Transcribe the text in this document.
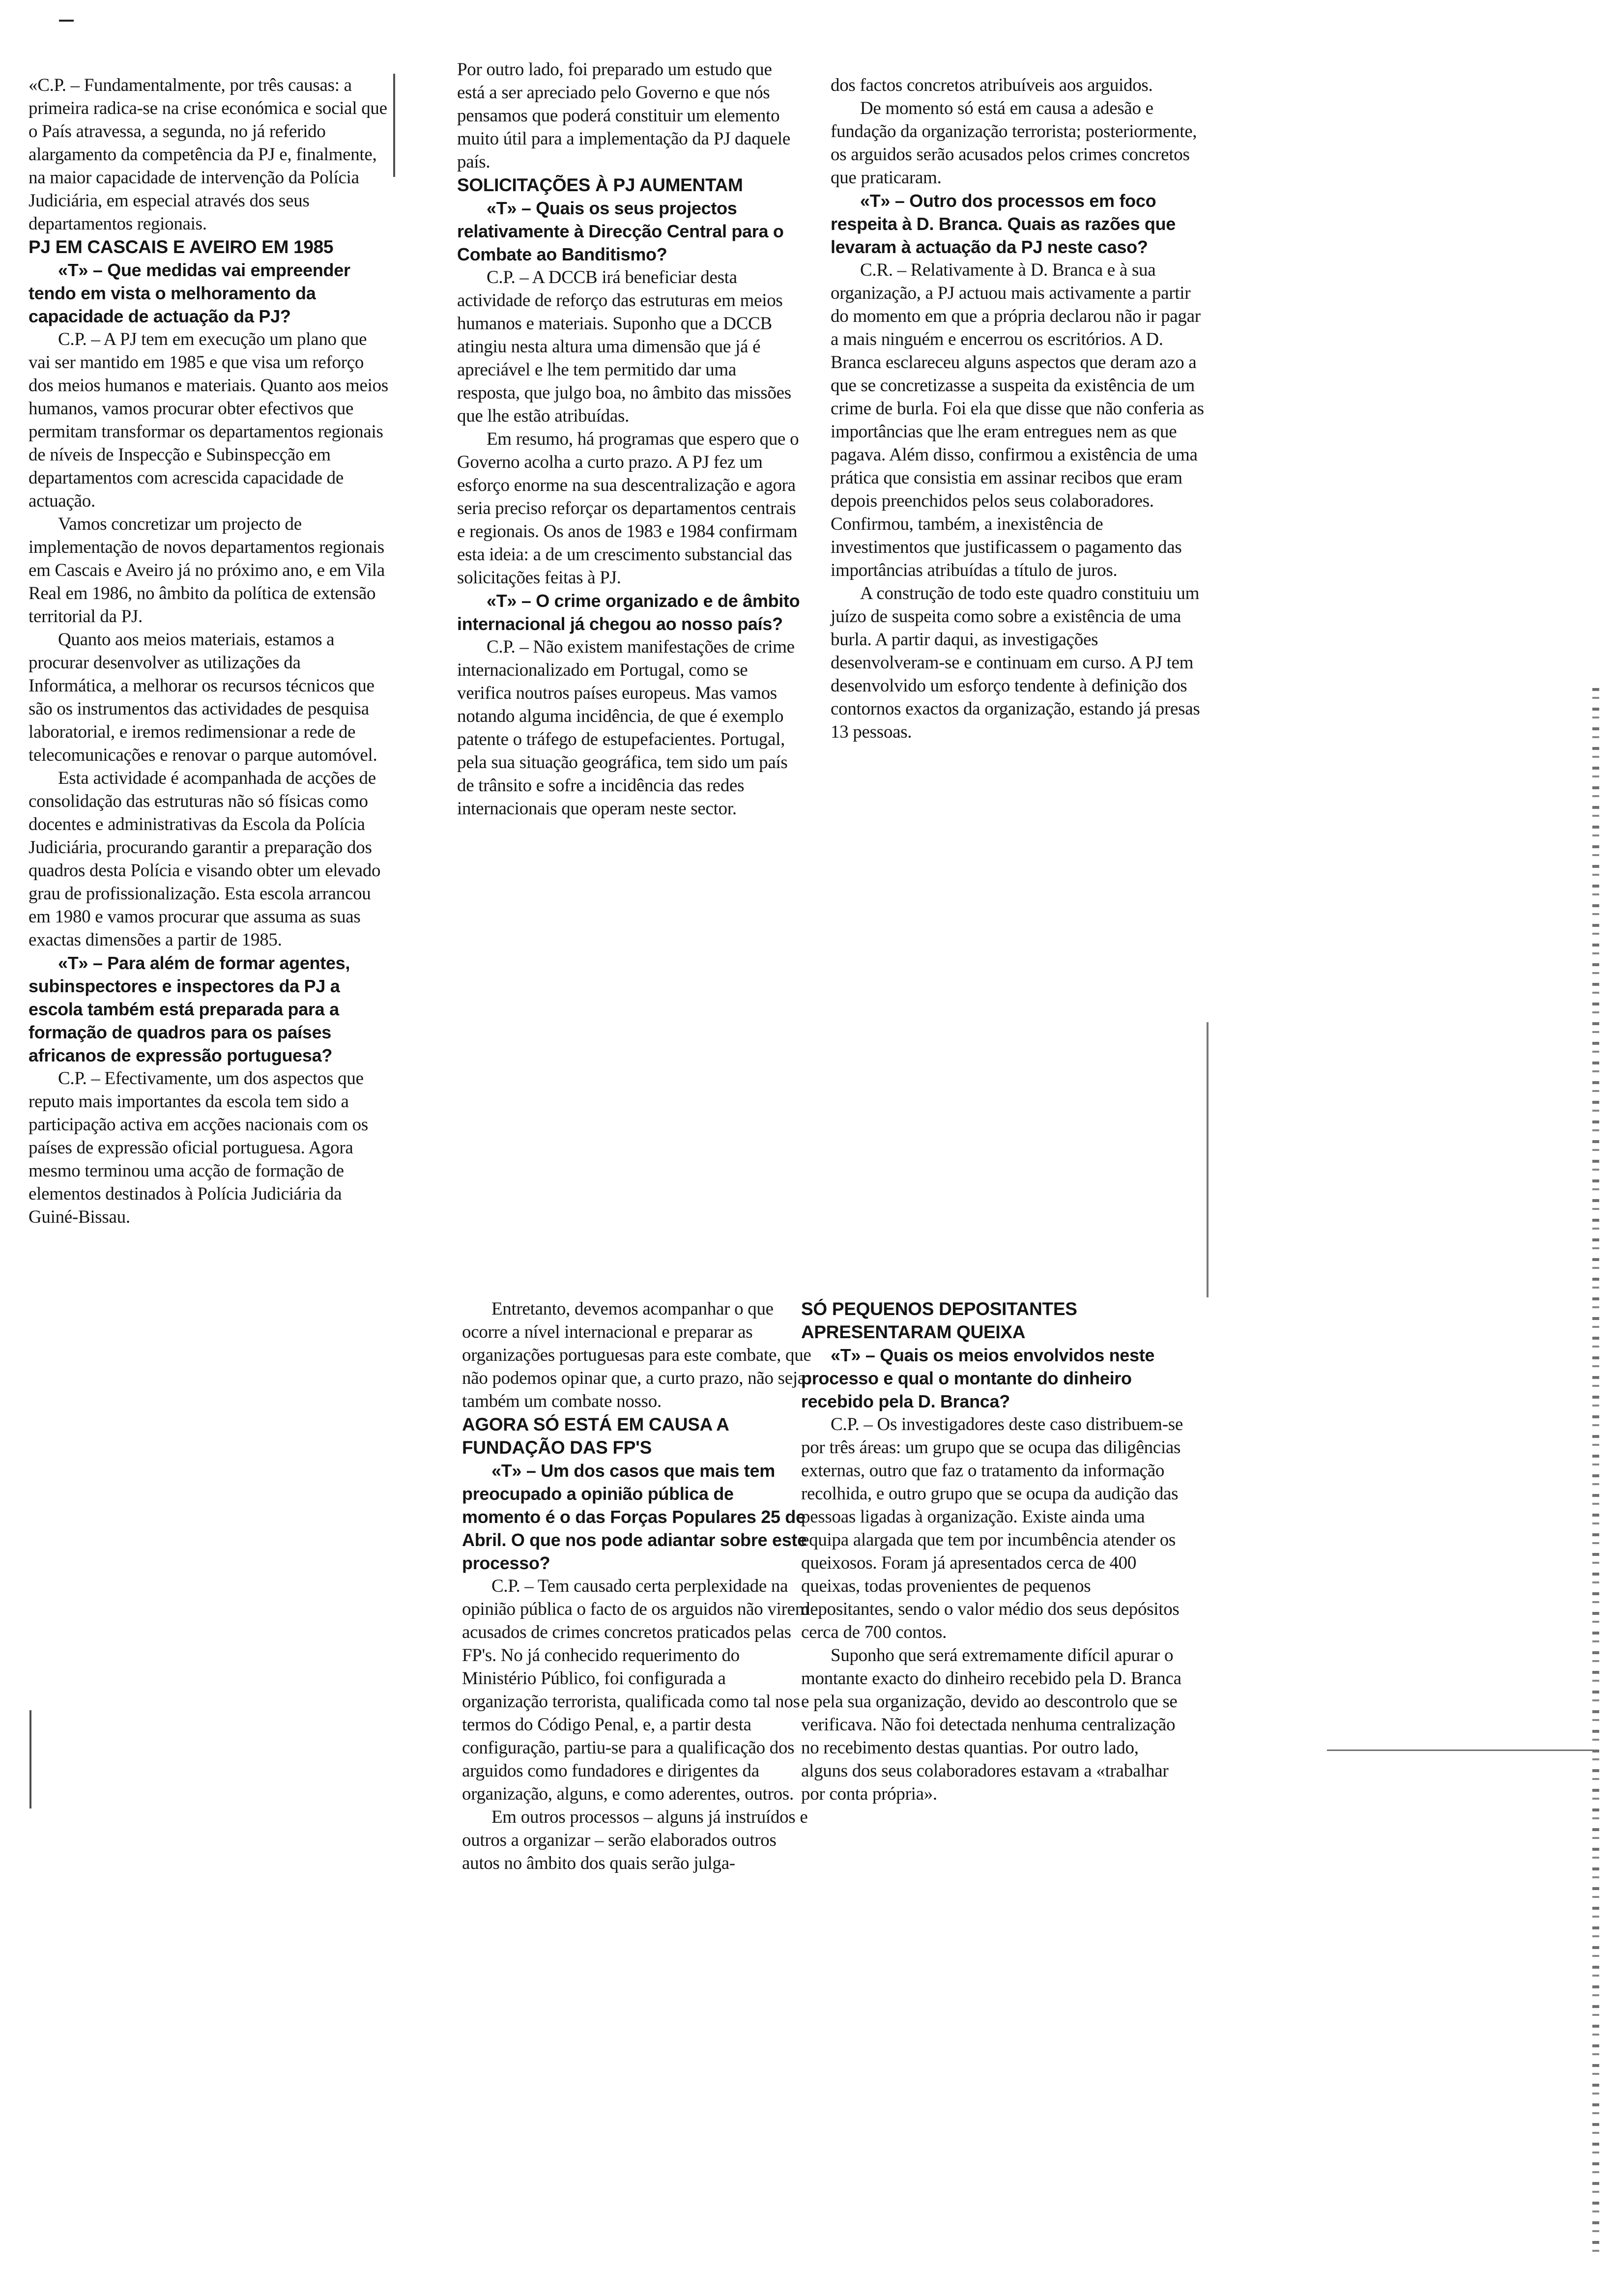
«C.P. – Fundamentalmente, por três causas: a primeira radica-se na crise económica e social que o País atravessa, a segunda, no já referido alargamento da competência da PJ e, finalmente, na maior capacidade de intervenção da Polícia Judiciária, em especial através dos seus departamentos regionais.

PJ EM CASCAIS E AVEIRO EM 1985

«T» – Que medidas vai empreender tendo em vista o melhoramento da capacidade de actuação da PJ?

C.P. – A PJ tem em execução um plano que vai ser mantido em 1985 e que visa um reforço dos meios humanos e materiais. Quanto aos meios humanos, vamos procurar obter efectivos que permitam transformar os departamentos regionais de níveis de Inspecção e Subinspecção em departamentos com acrescida capacidade de actuação.

Vamos concretizar um projecto de implementação de novos departamentos regionais em Cascais e Aveiro já no próximo ano, e em Vila Real em 1986, no âmbito da política de extensão territorial da PJ.

Quanto aos meios materiais, estamos a procurar desenvolver as utilizações da Informática, a melhorar os recursos técnicos que são os instrumentos das actividades de pesquisa laboratorial, e iremos redimensionar a rede de telecomunicações e renovar o parque automóvel.

Esta actividade é acompanhada de acções de consolidação das estruturas não só físicas como docentes e administrativas da Escola da Polícia Judiciária, procurando garantir a preparação dos quadros desta Polícia e visando obter um elevado grau de profissionalização. Esta escola arrancou em 1980 e vamos procurar que assuma as suas exactas dimensões a partir de 1985.

«T» – Para além de formar agentes, subinspectores e inspectores da PJ a escola também está preparada para a formação de quadros para os países africanos de expressão portuguesa?

C.P. – Efectivamente, um dos aspectos que reputo mais importantes da escola tem sido a participação activa em acções nacionais com os países de expressão oficial portuguesa. Agora mesmo terminou uma acção de formação de elementos destinados à Polícia Judiciária da Guiné-Bissau.

Por outro lado, foi preparado um estudo que está a ser apreciado pelo Governo e que nós pensamos que poderá constituir um elemento muito útil para a implementação da PJ daquele país.

SOLICITAÇÕES À PJ AUMENTAM

«T» – Quais os seus projectos relativamente à Direcção Central para o Combate ao Banditismo?

C.P. – A DCCB irá beneficiar desta actividade de reforço das estruturas em meios humanos e materiais. Suponho que a DCCB atingiu nesta altura uma dimensão que já é apreciável e lhe tem permitido dar uma resposta, que julgo boa, no âmbito das missões que lhe estão atribuídas.

Em resumo, há programas que espero que o Governo acolha a curto prazo. A PJ fez um esforço enorme na sua descentralização e agora seria preciso reforçar os departamentos centrais e regionais. Os anos de 1983 e 1984 confirmam esta ideia: a de um crescimento substancial das solicitações feitas à PJ.

«T» – O crime organizado e de âmbito internacional já chegou ao nosso país?

C.P. – Não existem manifestações de crime internacionalizado em Portugal, como se verifica noutros países europeus. Mas vamos notando alguma incidência, de que é exemplo patente o tráfego de estupefacientes. Portugal, pela sua situação geográfica, tem sido um país de trânsito e sofre a incidência das redes internacionais que operam neste sector.

dos factos concretos atribuíveis aos arguidos.

De momento só está em causa a adesão e fundação da organização terrorista; posteriormente, os arguidos serão acusados pelos crimes concretos que praticaram.

«T» – Outro dos processos em foco respeita à D. Branca. Quais as razões que levaram à actuação da PJ neste caso?

C.R. – Relativamente à D. Branca e à sua organização, a PJ actuou mais activamente a partir do momento em que a própria declarou não ir pagar a mais ninguém e encerrou os escritórios. A D. Branca esclareceu alguns aspectos que deram azo a que se concretizasse a suspeita da existência de um crime de burla. Foi ela que disse que não conferia as importâncias que lhe eram entregues nem as que pagava. Além disso, confirmou a existência de uma prática que consistia em assinar recibos que eram depois preenchidos pelos seus colaboradores. Confirmou, também, a inexistência de investimentos que justificassem o pagamento das importâncias atribuídas a título de juros.

A construção de todo este quadro constituiu um juízo de suspeita como sobre a existência de uma burla. A partir daqui, as investigações desenvolveram-se e continuam em curso. A PJ tem desenvolvido um esforço tendente à definição dos contornos exactos da organização, estando já presas 13 pessoas.

Entretanto, devemos acompanhar o que ocorre a nível internacional e preparar as organizações portuguesas para este combate, que não podemos opinar que, a curto prazo, não seja também um combate nosso.

AGORA SÓ ESTÁ EM CAUSA A FUNDAÇÃO DAS FP'S

«T» – Um dos casos que mais tem preocupado a opinião pública de momento é o das Forças Populares 25 de Abril. O que nos pode adiantar sobre este processo?

C.P. – Tem causado certa perplexidade na opinião pública o facto de os arguidos não virem acusados de crimes concretos praticados pelas FP's. No já conhecido requerimento do Ministério Público, foi configurada a organização terrorista, qualificada como tal nos termos do Código Penal, e, a partir desta configuração, partiu-se para a qualificação dos arguidos como fundadores e dirigentes da organização, alguns, e como aderentes, outros.

Em outros processos – alguns já instruídos e outros a organizar – serão elaborados outros autos no âmbito dos quais serão julga-

SÓ PEQUENOS DEPOSITANTES APRESENTARAM QUEIXA

«T» – Quais os meios envolvidos neste processo e qual o montante do dinheiro recebido pela D. Branca?

C.P. – Os investigadores deste caso distribuem-se por três áreas: um grupo que se ocupa das diligências externas, outro que faz o tratamento da informação recolhida, e outro grupo que se ocupa da audição das pessoas ligadas à organização. Existe ainda uma equipa alargada que tem por incumbência atender os queixosos. Foram já apresentados cerca de 400 queixas, todas provenientes de pequenos depositantes, sendo o valor médio dos seus depósitos cerca de 700 contos.

Suponho que será extremamente difícil apurar o montante exacto do dinheiro recebido pela D. Branca e pela sua organização, devido ao descontrolo que se verificava. Não foi detectada nenhuma centralização no recebimento destas quantias. Por outro lado, alguns dos seus colaboradores estavam a «trabalhar por conta própria».
